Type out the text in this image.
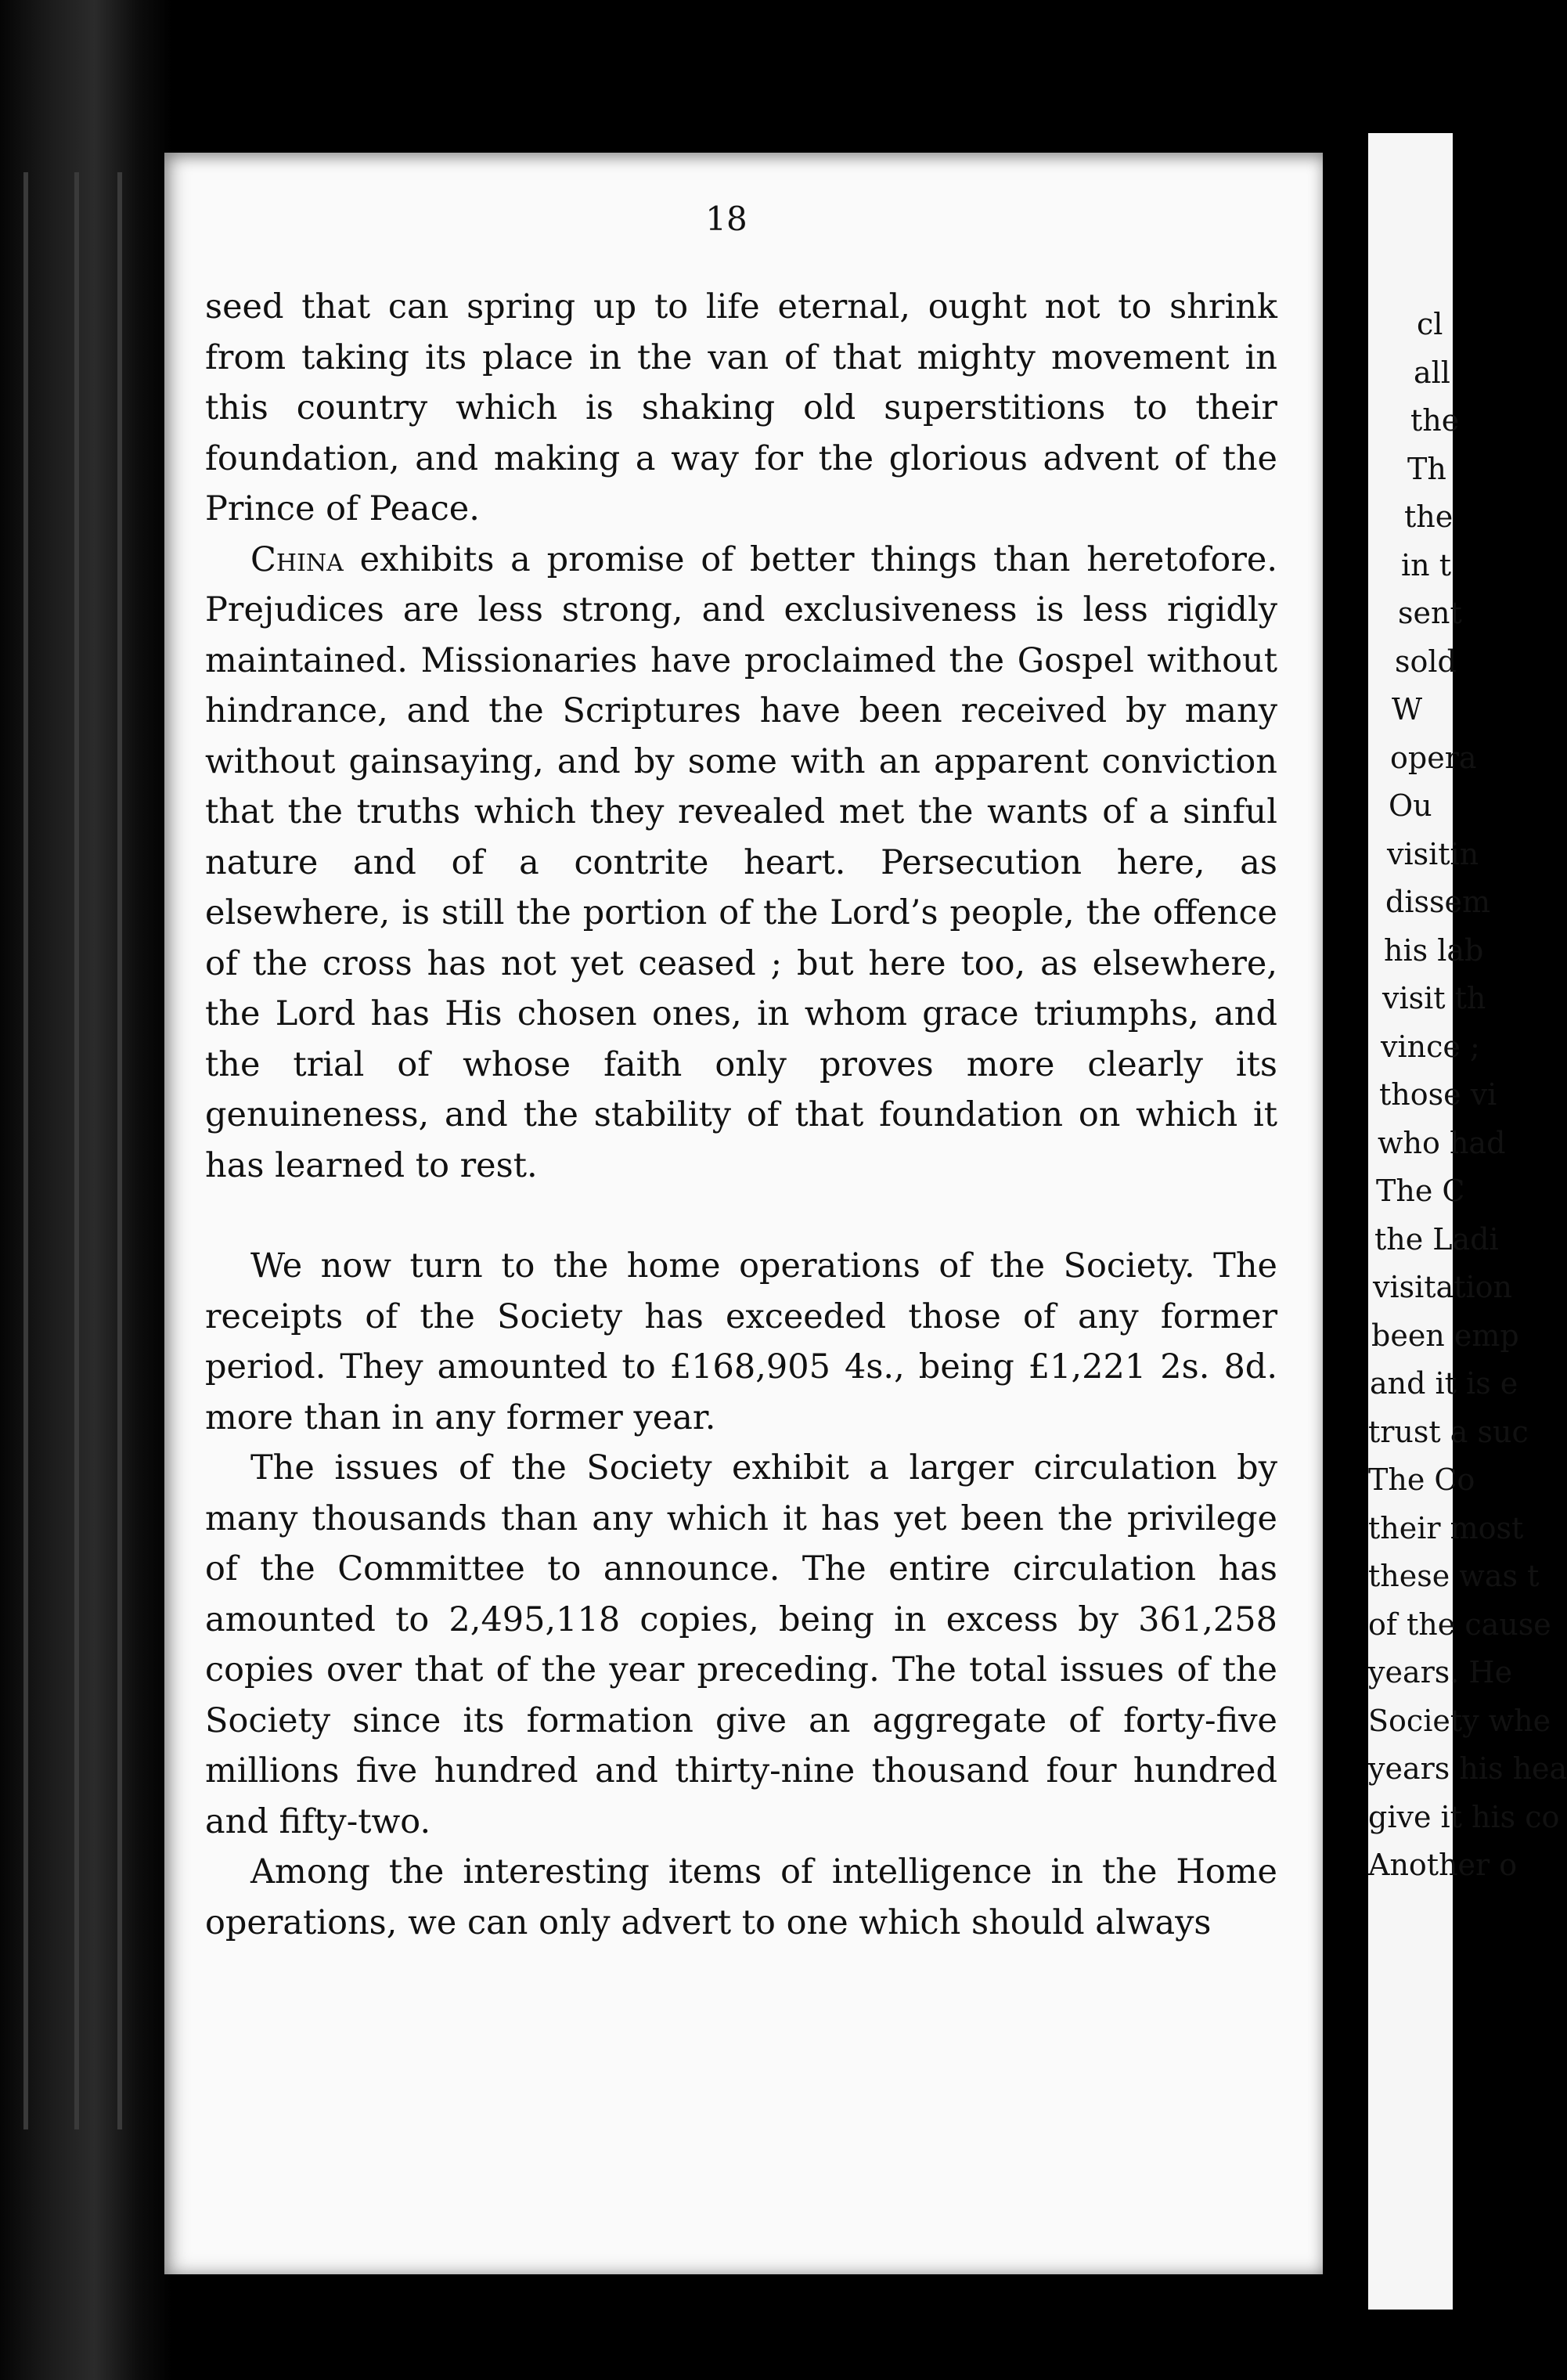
18

seed that can spring up to life eternal, ought not to shrink from taking its place in the van of that mighty movement in this country which is shaking old superstitions to their foundation, and making a way for the glorious advent of the Prince of Peace.

China exhibits a promise of better things than heretofore. Prejudices are less strong, and exclusiveness is less rigidly maintained. Missionaries have proclaimed the Gospel without hindrance, and the Scriptures have been received by many without gainsaying, and by some with an apparent conviction that the truths which they revealed met the wants of a sinful nature and of a contrite heart. Persecution here, as elsewhere, is still the portion of the Lord’s people, the offence of the cross has not yet ceased ; but here too, as elsewhere, the Lord has His chosen ones, in whom grace triumphs, and the trial of whose faith only proves more clearly its genuineness, and the stability of that foundation on which it has learned to rest.

We now turn to the home operations of the Society. The receipts of the Society has exceeded those of any former period. They amounted to £168,905 4s., being £1,221 2s. 8d. more than in any former year.

The issues of the Society exhibit a larger circulation by many thousands than any which it has yet been the privilege of the Committee to announce. The entire circulation has amounted to 2,495,118 copies, being in excess by 361,258 copies over that of the year preceding. The total issues of the Society since its formation give an aggregate of forty-five millions five hundred and thirty-nine thousand four hundred and fifty-two.

Among the interesting items of intelligence in the Home operations, we can only advert to one which should always

cl
all
the
Th
the
in t
sent
sold
W
opera
Ou
visitin
dissem
his lab
visit th
vince ;
those vi
who had
The C
the Ladi
visitation
been emp
and it is e
trust a suc
The Co
their most
these was t
of the cause
years. He
Society whe
years his hea
give it his co
Another o
